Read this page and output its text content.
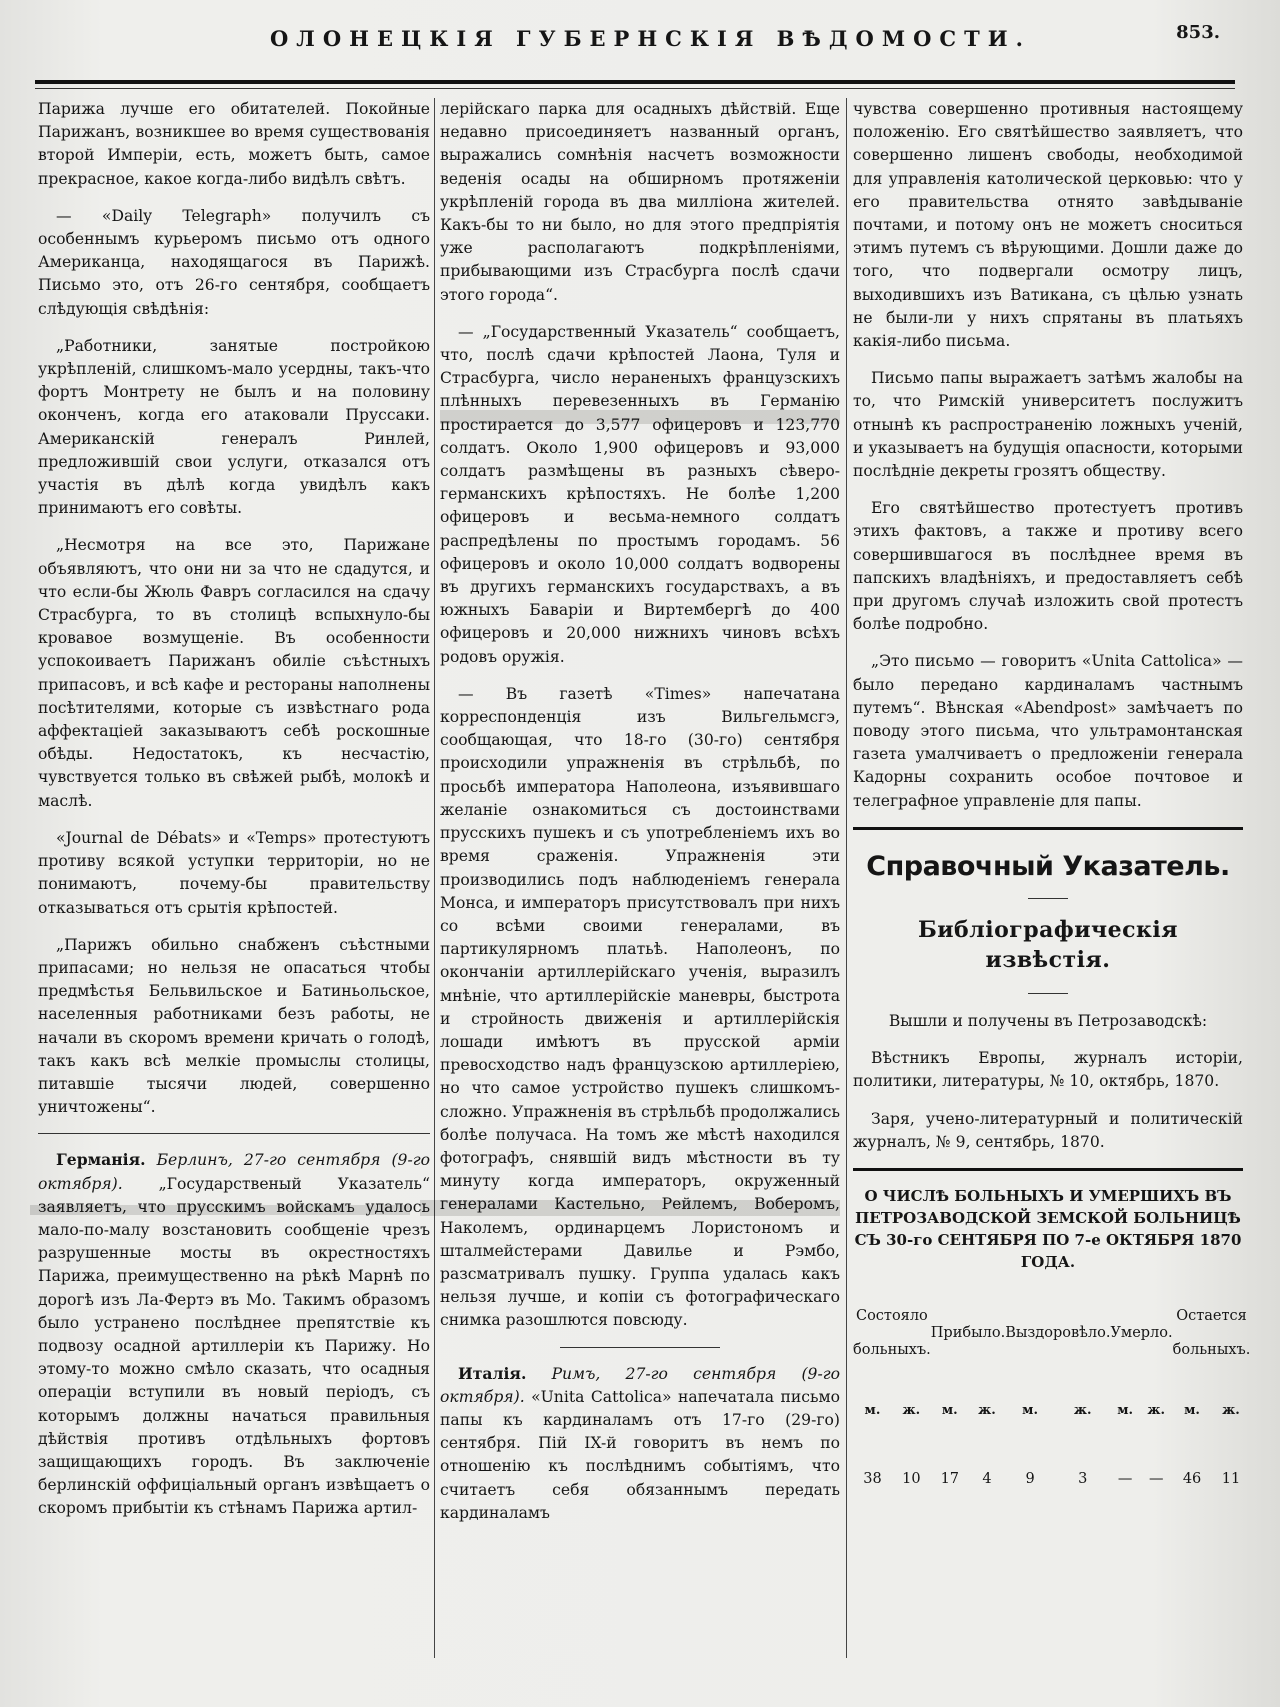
ОЛОНЕЦКІЯ ГУБЕРНСКІЯ ВѢДОМОСТИ.	853.

Парижа лучше его обитателей. Покойные Парижанъ, возникшее во время существованія второй Имперіи, есть, можетъ быть, самое прекрасное, какое когда-либо видѣлъ свѣтъ.

— «Daily Telegraph» получилъ съ особеннымъ курьеромъ письмо отъ одного Американца, находящагося въ Парижѣ. Письмо это, отъ 26-го сентября, сообщаетъ слѣдующія свѣдѣнія:

„Работники, занятые постройкою укрѣпленій, слишкомъ-мало усердны, такъ-что фортъ Монтретy не былъ и на половину оконченъ, когда его атаковали Пруссаки. Американскій генералъ Ринлей, предложившій свои услуги, отказался отъ участія въ дѣлѣ когда увидѣлъ какъ принимаютъ его совѣты.

„Несмотря на все это, Парижане объявляютъ, что они ни за что не сдадутся, и что если-бы Жюль Фавръ согласился на сдачу Страсбурга, то въ столицѣ вспыхнуло-бы кровавое возмущеніе. Въ особенности успокоиваетъ Парижанъ обиліе съѣстныхъ припасовъ, и всѣ кафе и рестораны наполнены посѣтителями, которые съ извѣстнаго рода аффектаціей заказываютъ себѣ роскошные обѣды. Недостатокъ, къ несчастію, чувствуется только въ свѣжей рыбѣ, молокѣ и маслѣ.

«Journal de Débats» и «Temps» протестуютъ противу всякой уступки территоріи, но не понимаютъ, почему-бы правительству отказываться отъ срытія крѣпостей.

„Парижъ обильно снабженъ съѣстными припасами; но нельзя не опасаться чтобы предмѣстья Бельвильское и Батиньольское, населенныя работниками безъ работы, не начали въ скоромъ времени кричать о голодѣ, такъ какъ всѣ мелкіе промыслы столицы, питавшіе тысячи людей, совершенно уничтожены“.

Германія. Берлинъ, 27-го сентября (9-го октября). „Государственый Указатель“ заявляетъ, что прусскимъ войскамъ удалось мало-по-малу возстановить сообщеніе чрезъ разрушенные мосты въ окрестностяхъ Парижа, преимущественно на рѣкѣ Марнѣ по дорогѣ изъ Ла-Фертэ въ Мо. Такимъ образомъ было устранено послѣднее препятствіе къ подвозу осадной артиллеріи къ Парижу. Но этому-то можно смѣло сказать, что осадныя операціи вступили въ новый періодъ, съ которымъ должны начаться правильныя дѣйствія противъ отдѣльныхъ фортовъ защищающихъ городъ. Въ заключеніе берлинскій оффиціальный органъ извѣщаетъ о скоромъ прибытіи къ стѣнамъ Парижа артил-

лерійскаго парка для осадныхъ дѣйствій. Еще недавно присоединяетъ названный органъ, выражались сомнѣнія насчетъ возможности веденія осады на обширномъ протяженіи укрѣпленій города въ два милліона жителей. Какъ-бы то ни было, но для этого предпріятія уже располагаютъ подкрѣпленіями, прибывающими изъ Страсбурга послѣ сдачи этого города“.

— „Государственный Указатель“ сообщаетъ, что, послѣ сдачи крѣпостей Лаона, Туля и Страсбурга, число нераненыхъ французскихъ плѣнныхъ перевезенныхъ въ Германію простирается до 3,577 офицеровъ и 123,770 солдатъ. Около 1,900 офицеровъ и 93,000 солдатъ размѣщены въ разныхъ сѣверо-германскихъ крѣпостяхъ. Не болѣе 1,200 офицеровъ и весьма-немного солдатъ распредѣлены по простымъ городамъ. 56 офицеровъ и около 10,000 солдатъ водворены въ другихъ германскихъ государствахъ, а въ южныхъ Баваріи и Виртембергѣ до 400 офицеровъ и 20,000 нижнихъ чиновъ всѣхъ родовъ оружія.

— Въ газетѣ «Times» напечатана корреспонденція изъ Вильгельмсгэ, сообщающая, что 18-го (30-го) сентября происходили упражненія въ стрѣльбѣ, по просьбѣ императора Наполеона, изъявившаго желаніе ознакомиться съ достоинствами прусскихъ пушекъ и съ употребленіемъ ихъ во время сраженія. Упражненія эти производились подъ наблюденіемъ генерала Монса, и императоръ присутствовалъ при нихъ со всѣми своими генералами, въ партикулярномъ платьѣ. Наполеонъ, по окончаніи артиллерійскаго ученія, выразилъ мнѣніе, что артиллерійскіе маневры, быстрота и стройность движенія и артиллерійскія лошади имѣютъ въ прусской арміи превосходство надъ французскою артиллеріею, но что самое устройство пушекъ слишкомъ-сложно. Упражненія въ стрѣльбѣ продолжались болѣе получаса. На томъ же мѣстѣ находился фотографъ, снявшій видъ мѣстности въ ту минуту когда императоръ, окруженный генералами Кастельно, Рейлемъ, Воберомъ, Наколемъ, ординарцемъ Лористономъ и шталмейстерами Давилье и Рэмбо, разсматривалъ пушку. Группа удалась какъ нельзя лучше, и копіи съ фотографическаго снимка разошлются повсюду.

Италія. Римъ, 27-го сентября (9-го октября). «Unita Cattolica» напечатала письмо папы къ кардиналамъ отъ 17-го (29-го) сентября. Пій IX-й говоритъ въ немъ по отношенію къ послѣднимъ событіямъ, что считаетъ себя обязаннымъ передать кардиналамъ

чувства совершенно противныя настоящему положенію. Его святѣйшество заявляетъ, что совершенно лишенъ свободы, необходимой для управленія католической церковью: что у его правительства отнято завѣдываніе почтами, и потому онъ не можетъ сноситься этимъ путемъ съ вѣрующими. Дошли даже до того, что подвергали осмотру лицъ, выходившихъ изъ Ватикана, съ цѣлью узнать не были-ли у нихъ спрятаны въ платьяхъ какія-либо письма.

Письмо папы выражаетъ затѣмъ жалобы на то, что Римскій университетъ послужитъ отнынѣ къ распространенію ложныхъ ученій, и указываетъ на будущія опасности, которыми послѣдніе декреты грозятъ обществу.

Его святѣйшество протестуетъ противъ этихъ фактовъ, а также и противу всего совершившагося въ послѣднее время въ папскихъ владѣніяхъ, и предоставляетъ себѣ при другомъ случаѣ изложить свой протестъ болѣе подробно.

„Это письмо — говоритъ «Unita Cattolica» — было передано кардиналамъ частнымъ путемъ“. Вѣнская «Abendpost» замѣчаетъ по поводу этого письма, что ультрамонтанская газета умалчиваетъ о предложеніи генерала Кадорны сохранить особое почтовое и телеграфное управленіе для папы.

Справочный Указатель.
Библіографическія извѣстія.

Вышли и получены въ Петрозаводскѣ:

Вѣстникъ Европы, журналъ исторіи, политики, литературы, № 10, октябрь, 1870.

Заря, учено-литературный и политическій журналъ, № 9, сентябрь, 1870.

О ЧИСЛѢ БОЛЬНЫХЪ И УМЕРШИХЪ ВЪ ПЕТРОЗАВОДСКОЙ ЗЕМСКОЙ БОЛЬНИЦѢ СЪ 30-го СЕНТЯБРЯ ПО 7-е ОКТЯБРЯ 1870 ГОДА.
Состояло больныхъ.		Прибыло.		Выздоровѣло.		Умерло.		Остается больныхъ.	
м.	ж.	м.	ж.	м.	ж.	м.	ж.	м.	ж.
38	10	17	4	9	3	—	—	46	11
